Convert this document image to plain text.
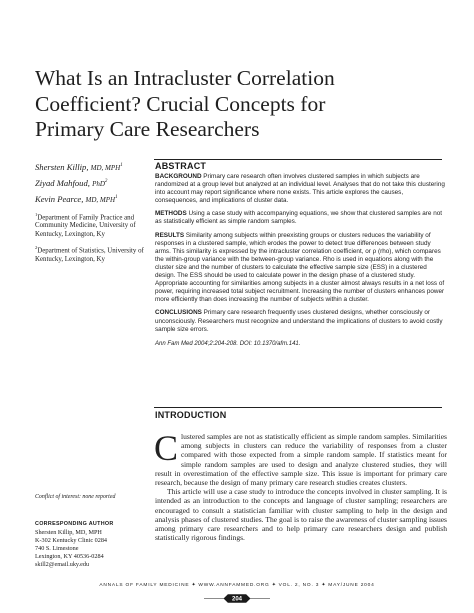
What Is an Intracluster Correlation
Coefficient? Crucial Concepts for
Primary Care Researchers
Shersten Killip, MD, MPH$^1$
Ziyad Mahfoud, PhD$^2$
Kevin Pearce, MD, MPH$^1$
$^1$Department of Family Practice and Community Medicine, University of Kentucky, Lexington, Ky
$^2$Department of Statistics, University of Kentucky, Lexington, Ky
ABSTRACT

BACKGROUND Primary care research often involves clustered samples in which subjects are randomized at a group level but analyzed at an individual level. Analyses that do not take this clustering into account may report significance where none exists. This article explores the causes, consequences, and implications of cluster data.

METHODS Using a case study with accompanying equations, we show that clustered samples are not as statistically efficient as simple random samples.

RESULTS Similarity among subjects within preexisting groups or clusters reduces the variability of responses in a clustered sample, which erodes the power to detect true differences between study arms. This similarity is expressed by the intracluster correlation coefficient, or ρ (rho), which compares the within-group variance with the between-group variance. Rho is used in equations along with the cluster size and the number of clusters to calculate the effective sample size (ESS) in a clustered design. The ESS should be used to calculate power in the design phase of a clustered study. Appropriate accounting for similarities among subjects in a cluster almost always results in a net loss of power, requiring increased total subject recruitment. Increasing the number of clusters enhances power more efficiently than does increasing the number of subjects within a cluster.

CONCLUSIONS Primary care research frequently uses clustered designs, whether consciously or unconsciously. Researchers must recognize and understand the implications of clusters to avoid costly sample size errors.

Ann Fam Med 2004;2:204-208. DOI: 10.1370/afm.141.

INTRODUCTION

Clustered samples are not as statistically efficient as simple random samples. Similarities among subjects in clusters can reduce the variability of responses from a cluster compared with those expected from a simple random sample. If statistics meant for simple random samples are used to design and analyze clustered studies, they will result in overestimation of the effective sample size. This issue is important for primary care research, because the design of many primary care research studies creates clusters.

This article will use a case study to introduce the concepts involved in cluster sampling. It is intended as an introduction to the concepts and language of cluster sampling; researchers are encouraged to consult a statistician familiar with cluster sampling to help in the design and analysis phases of clustered studies. The goal is to raise the awareness of cluster sampling issues among primary care researchers and to help primary care researchers design and publish statistically rigorous findings.

Conflict of interest: none reported
CORRESPONDING AUTHOR
Shersten Killip, MD, MPH
K-302 Kentucky Clinic 0284
740 S. Limestone
Lexington, KY 40536-0284
skill2@email.uky.edu
ANNALS OF FAMILY MEDICINE ✦ WWW.ANNFAMMED.ORG ✦ VOL. 2, NO. 3 ✦ MAY/JUNE 2004
204
